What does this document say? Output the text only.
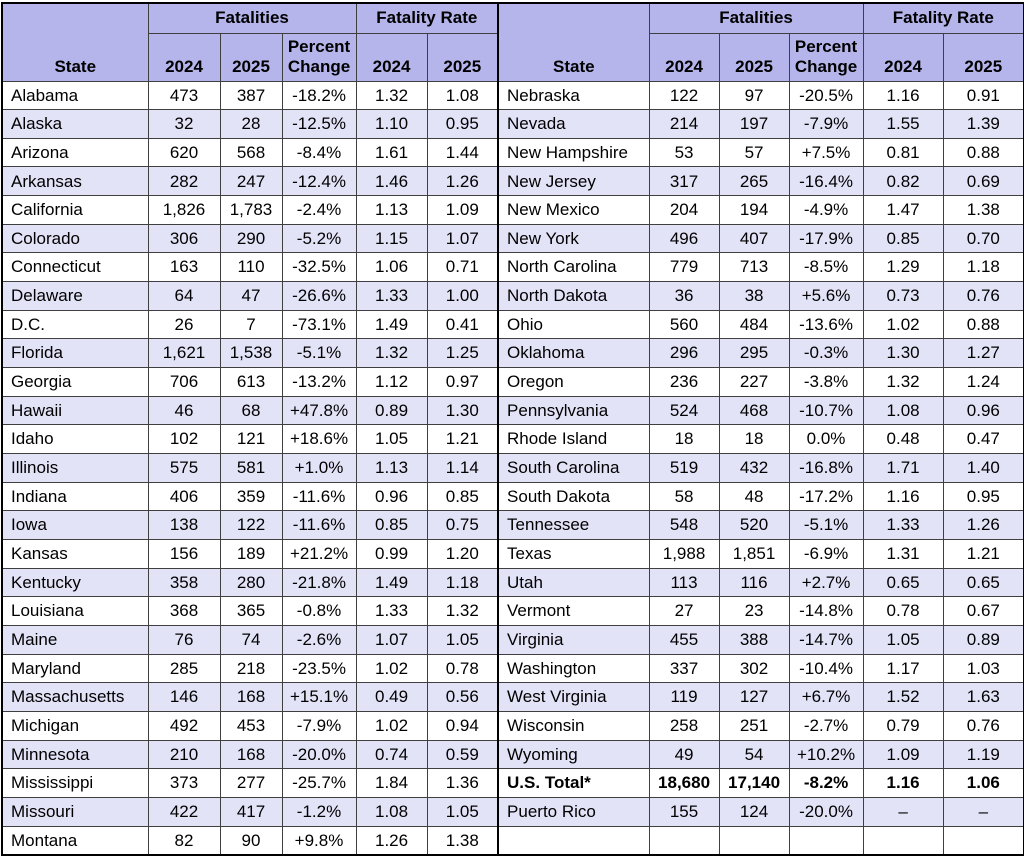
State	Fatalities			Fatality Rate		State	Fatalities			Fatality Rate	
	2024	2025	Percent Change	2024	2025		2024	2025	Percent Change	2024	2025
Alabama	473	387	-18.2%	1.32	1.08	Nebraska	122	97	-20.5%	1.16	0.91
Alaska	32	28	-12.5%	1.10	0.95	Nevada	214	197	-7.9%	1.55	1.39
Arizona	620	568	-8.4%	1.61	1.44	New Hampshire	53	57	+7.5%	0.81	0.88
Arkansas	282	247	-12.4%	1.46	1.26	New Jersey	317	265	-16.4%	0.82	0.69
California	1,826	1,783	-2.4%	1.13	1.09	New Mexico	204	194	-4.9%	1.47	1.38
Colorado	306	290	-5.2%	1.15	1.07	New York	496	407	-17.9%	0.85	0.70
Connecticut	163	110	-32.5%	1.06	0.71	North Carolina	779	713	-8.5%	1.29	1.18
Delaware	64	47	-26.6%	1.33	1.00	North Dakota	36	38	+5.6%	0.73	0.76
D.C.	26	7	-73.1%	1.49	0.41	Ohio	560	484	-13.6%	1.02	0.88
Florida	1,621	1,538	-5.1%	1.32	1.25	Oklahoma	296	295	-0.3%	1.30	1.27
Georgia	706	613	-13.2%	1.12	0.97	Oregon	236	227	-3.8%	1.32	1.24
Hawaii	46	68	+47.8%	0.89	1.30	Pennsylvania	524	468	-10.7%	1.08	0.96
Idaho	102	121	+18.6%	1.05	1.21	Rhode Island	18	18	0.0%	0.48	0.47
Illinois	575	581	+1.0%	1.13	1.14	South Carolina	519	432	-16.8%	1.71	1.40
Indiana	406	359	-11.6%	0.96	0.85	South Dakota	58	48	-17.2%	1.16	0.95
Iowa	138	122	-11.6%	0.85	0.75	Tennessee	548	520	-5.1%	1.33	1.26
Kansas	156	189	+21.2%	0.99	1.20	Texas	1,988	1,851	-6.9%	1.31	1.21
Kentucky	358	280	-21.8%	1.49	1.18	Utah	113	116	+2.7%	0.65	0.65
Louisiana	368	365	-0.8%	1.33	1.32	Vermont	27	23	-14.8%	0.78	0.67
Maine	76	74	-2.6%	1.07	1.05	Virginia	455	388	-14.7%	1.05	0.89
Maryland	285	218	-23.5%	1.02	0.78	Washington	337	302	-10.4%	1.17	1.03
Massachusetts	146	168	+15.1%	0.49	0.56	West Virginia	119	127	+6.7%	1.52	1.63
Michigan	492	453	-7.9%	1.02	0.94	Wisconsin	258	251	-2.7%	0.79	0.76
Minnesota	210	168	-20.0%	0.74	0.59	Wyoming	49	54	+10.2%	1.09	1.19
Mississippi	373	277	-25.7%	1.84	1.36	U.S. Total*	18,680	17,140	-8.2%	1.16	1.06
Missouri	422	417	-1.2%	1.08	1.05	Puerto Rico	155	124	-20.0%	–	–
Montana	82	90	+9.8%	1.26	1.38						
